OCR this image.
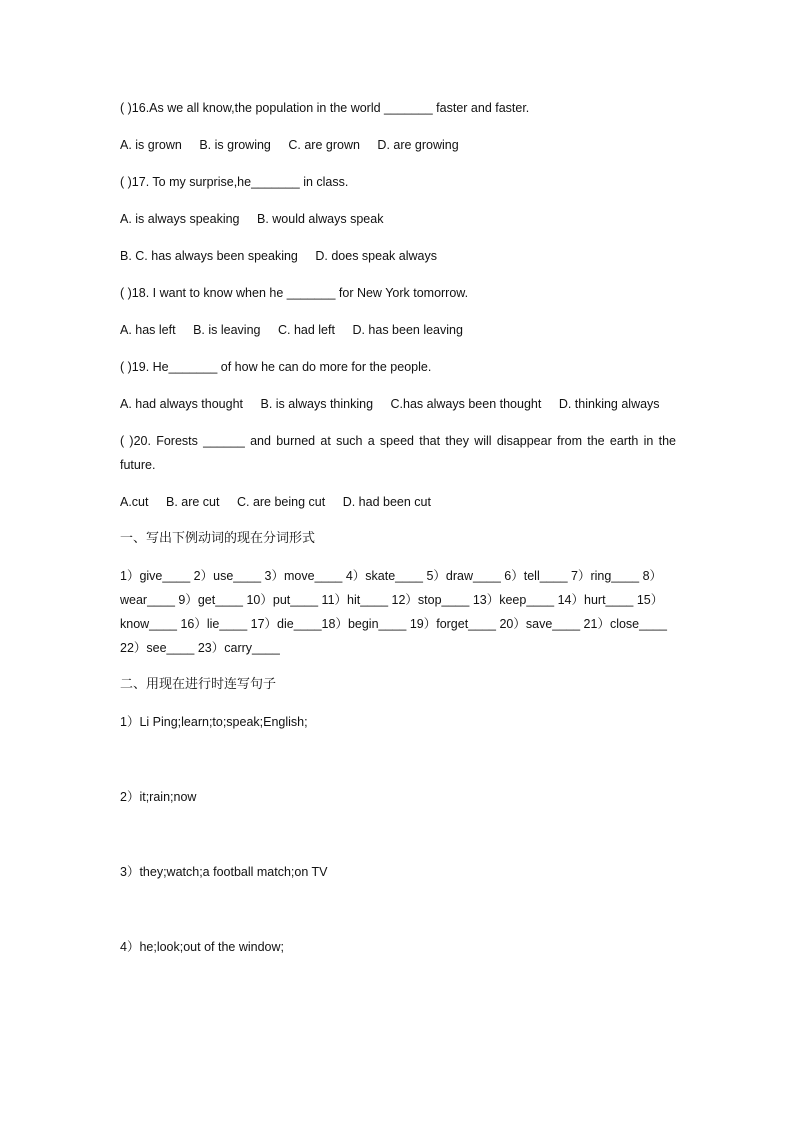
( )16.As we all know,the population in the world _______ faster and faster.
A. is grown B. is growing C. are grown D. are growing
( )17. To my surprise,he_______ in class.
A. is always speaking B. would always speak
B. C. has always been speaking D. does speak always
( )18. I want to know when he _______ for New York tomorrow.
A. has left B. is leaving C. had left D. has been leaving
( )19. He_______ of how he can do more for the people.
A. had always thought B. is always thinking C.has always been thought D. thinking always
( )20. Forests ______ and burned at such a speed that they will disappear from the earth in the future.
A.cut B. are cut C. are being cut D. had been cut
一、写出下例动词的现在分词形式
1）give____ 2）use____ 3）move____ 4）skate____ 5）draw____ 6）tell____ 7）ring____ 8）
wear____ 9）get____ 10）put____ 11）hit____ 12）stop____ 13）keep____ 14）hurt____ 15）
know____ 16）lie____ 17）die____18）begin____ 19）forget____ 20）save____ 21）close____
22）see____ 23）carry____
二、用现在进行时连写句子
1）Li Ping;learn;to;speak;English;
2）it;rain;now
3）they;watch;a football match;on TV
4）he;look;out of the window;
